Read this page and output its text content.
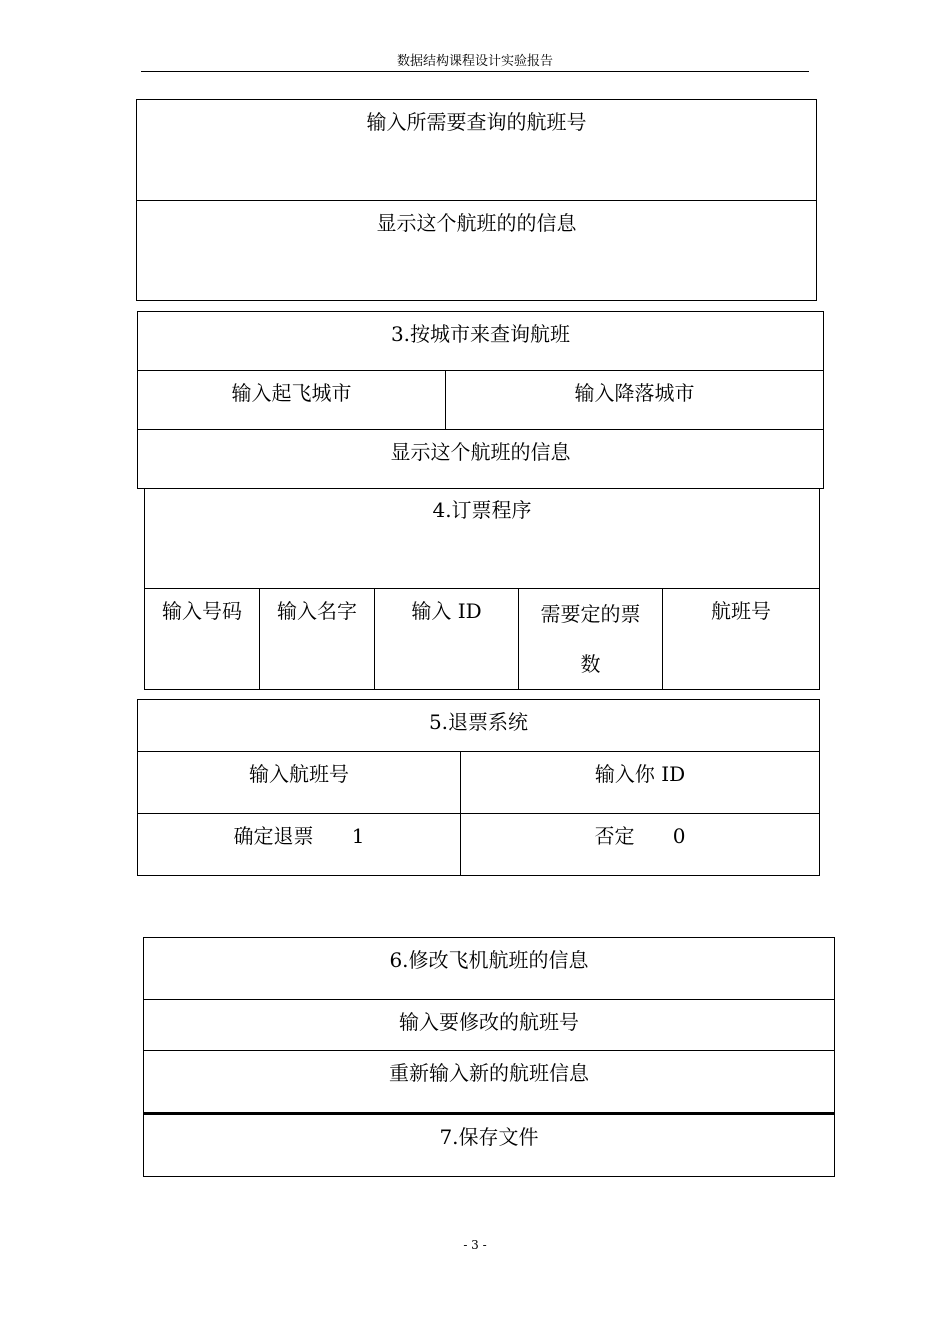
数据结构课程设计实验报告
输入所需要查询的航班号
显示这个航班的的信息
3.按城市来查询航班
输入起飞城市	输入降落城市
显示这个航班的信息
4.订票程序
输入号码	输入名字	输入 ID	需要定的票数	航班号
5.退票系统	
输入航班号	输入你 ID
确定退票 1	否定 0
6.修改飞机航班的信息
输入要修改的航班号
重新输入新的航班信息
7.保存文件
- 3 -
